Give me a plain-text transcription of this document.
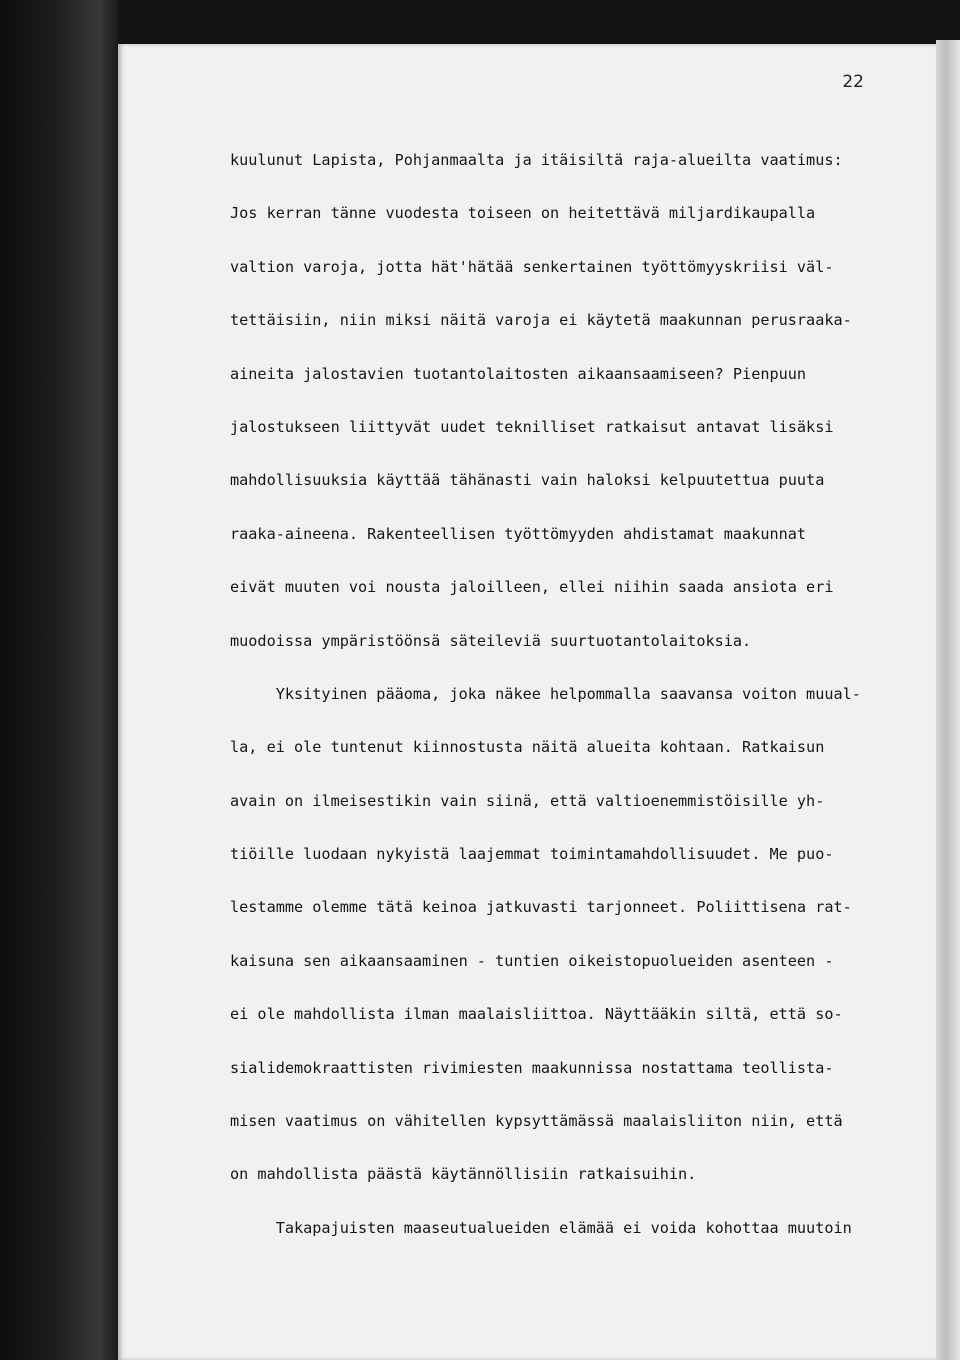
22

kuulunut Lapista, Pohjanmaalta ja itäisiltä raja-alueilta vaatimus:
Jos kerran tänne vuodesta toiseen on heitettävä miljardikaupalla
valtion varoja, jotta hät'hätää senkertainen työttömyyskriisi väl-
tettäisiin, niin miksi näitä varoja ei käytetä maakunnan perusraaka-
aineita jalostavien tuotantolaitosten aikaansaamiseen? Pienpuun
jalostukseen liittyvät uudet teknilliset ratkaisut antavat lisäksi
mahdollisuuksia käyttää tähänasti vain haloksi kelpuutettua puuta
raaka-aineena. Rakenteellisen työttömyyden ahdistamat maakunnat
eivät muuten voi nousta jaloilleen, ellei niihin saada ansiota eri
muodoissa ympäristöönsä säteileviä suurtuotantolaitoksia.
Yksityinen pääoma, joka näkee helpommalla saavansa voiton muual-
la, ei ole tuntenut kiinnostusta näitä alueita kohtaan. Ratkaisun
avain on ilmeisestikin vain siinä, että valtioenemmistöisille yh-
tiöille luodaan nykyistä laajemmat toimintamahdollisuudet. Me puo-
lestamme olemme tätä keinoa jatkuvasti tarjonneet. Poliittisena rat-
kaisuna sen aikaansaaminen - tuntien oikeistopuolueiden asenteen -
ei ole mahdollista ilman maalaisliittoa. Näyttääkin siltä, että so-
sialidemokraattisten rivimiesten maakunnissa nostattama teollista-
misen vaatimus on vähitellen kypsyttämässä maalaisliiton niin, että
on mahdollista päästä käytännöllisiin ratkaisuihin.
Takapajuisten maaseutualueiden elämää ei voida kohottaa muutoin
